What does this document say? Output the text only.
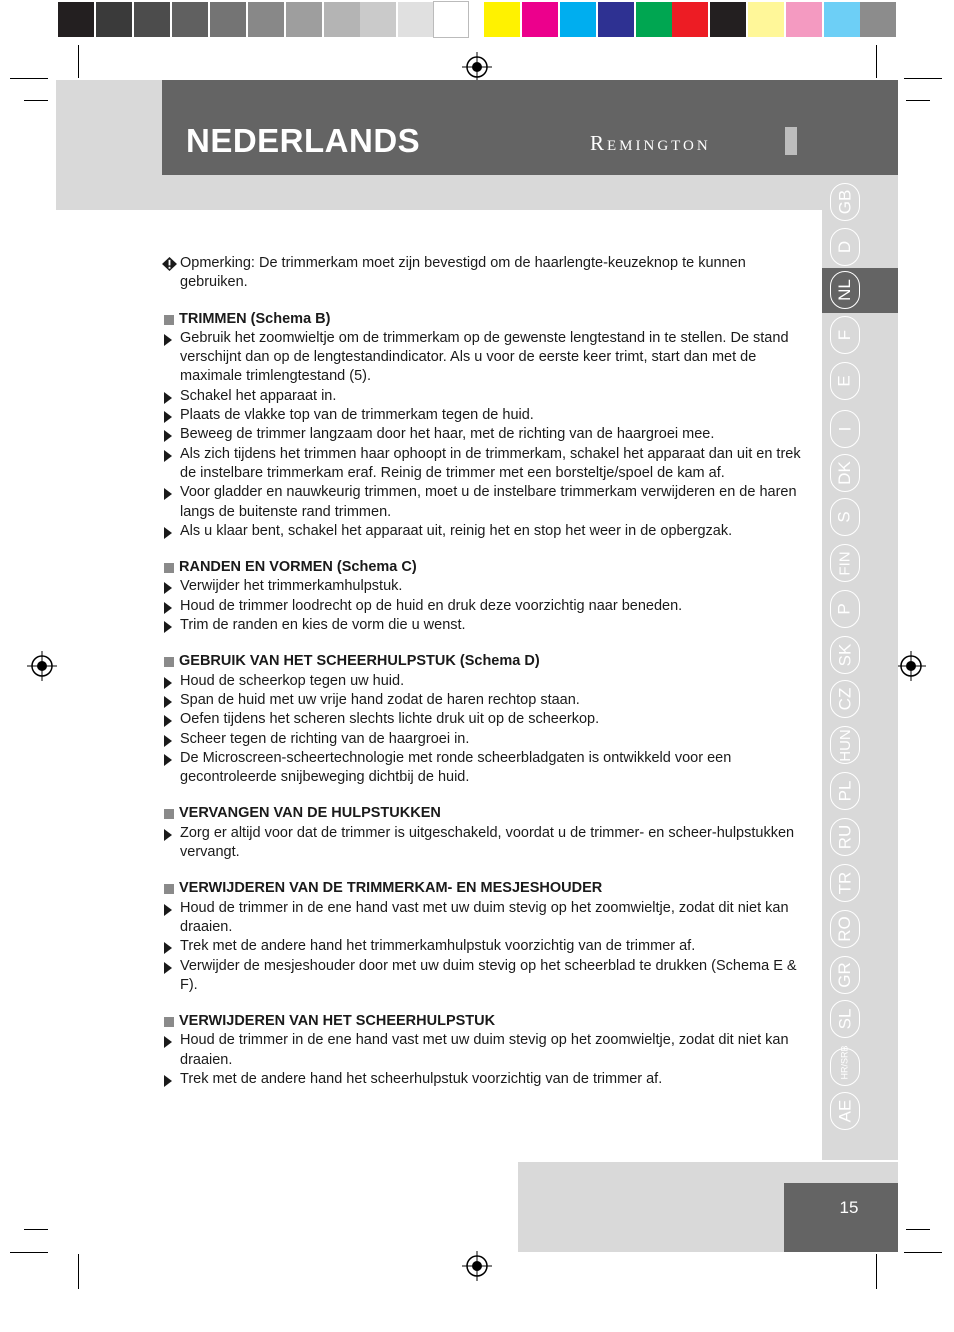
NEDERLANDS	Remington
GB
D
NL
F
E
I
DK
S
FIN
P
SK
CZ
HUN
PL
RU
TR
RO
GR
SL
HR/SRB
AE
Opmerking: De trimmerkam moet zijn bevestigd om de haarlengte-keuzeknop te kunnen gebruiken.
TRIMMEN (Schema B)
Gebruik het zoomwieltje om de trimmerkam op de gewenste lengtestand in te stellen. De stand verschijnt dan op de lengtestandindicator. Als u voor de eerste keer trimt, start dan met de maximale trimlengtestand (5).
Schakel het apparaat in.
Plaats de vlakke top van de trimmerkam tegen de huid.
Beweeg de trimmer langzaam door het haar, met de richting van de haargroei mee.
Als zich tijdens het trimmen haar ophoopt in de trimmerkam, schakel het apparaat dan uit en trek de instelbare trimmerkam eraf. Reinig de trimmer met een borsteltje/spoel de kam af.
Voor gladder en nauwkeurig trimmen, moet u de instelbare trimmerkam verwijderen en de haren langs de buitenste rand trimmen.
Als u klaar bent, schakel het apparaat uit, reinig het en stop het weer in de opbergzak.
RANDEN EN VORMEN (Schema C)
Verwijder het trimmerkamhulpstuk.
Houd de trimmer loodrecht op de huid en druk deze voorzichtig naar beneden.
Trim de randen en kies de vorm die u wenst.
GEBRUIK VAN HET SCHEERHULPSTUK (Schema D)
Houd de scheerkop tegen uw huid.
Span de huid met uw vrije hand zodat de haren rechtop staan.
Oefen tijdens het scheren slechts lichte druk uit op de scheerkop.
Scheer tegen de richting van de haargroei in.
De Microscreen-scheertechnologie met ronde scheerbladgaten is ontwikkeld voor een gecontroleerde snijbeweging dichtbij de huid.
VERVANGEN VAN DE HULPSTUKKEN
Zorg er altijd voor dat de trimmer is uitgeschakeld, voordat u de trimmer- en scheer-hulpstukken vervangt.
VERWIJDEREN VAN DE TRIMMERKAM- EN MESJESHOUDER
Houd de trimmer in de ene hand vast met uw duim stevig op het zoomwieltje, zodat dit niet kan draaien.
Trek met de andere hand het trimmerkamhulpstuk voorzichtig van de trimmer af.
Verwijder de mesjeshouder door met uw duim stevig op het scheerblad te drukken (Schema E & F).
VERWIJDEREN VAN HET SCHEERHULPSTUK
Houd de trimmer in de ene hand vast met uw duim stevig op het zoomwieltje, zodat dit niet kan draaien.
Trek met de andere hand het scheerhulpstuk voorzichtig van de trimmer af.
15
